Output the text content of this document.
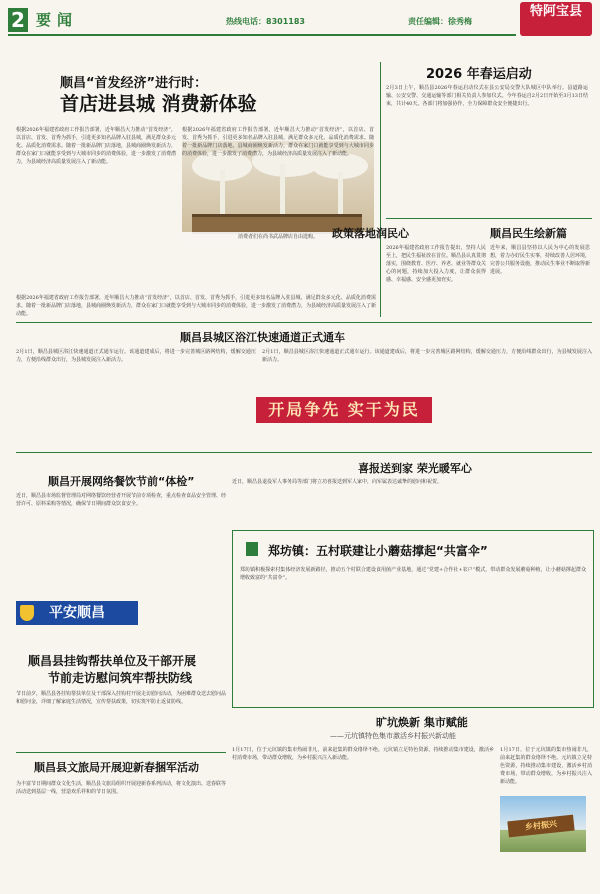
2 要闻	热线电话：8301183	责任编辑：徐秀梅
特阿宝县
顺昌“首发经济”进行时：
首店进县城 消费新体验
根据2026年福建省政府工作报告部署，近年顺昌大力推动“首发经济”，以首店、首发、首秀为抓手，引进更多知名品牌入驻县城，满足群众多元化、品质化消费需求。随着一批新品牌门店落地，县城商圈焕发新活力，群众在家门口就能享受到与大城市同步的消费体验，进一步激发了消费潜力，为县域经济高质量发展注入了新动能。
消费者们在尚书武品牌店自由选购。
根据2026年福建省政府工作报告部署，近年顺昌大力推动“首发经济”，以首店、首发、首秀为抓手，引进更多知名品牌入驻县城，满足群众多元化、品质化消费需求。随着一批新品牌门店落地，县城商圈焕发新活力，群众在家门口就能享受到与大城市同步的消费体验，进一步激发了消费潜力，为县域经济高质量发展注入了新动能。
根据2026年福建省政府工作报告部署，近年顺昌大力推动“首发经济”，以首店、首发、首秀为抓手，引进更多知名品牌入驻县城，满足群众多元化、品质化消费需求。随着一批新品牌门店落地，县城商圈焕发新活力，群众在家门口就能享受到与大城市同步的消费体验，进一步激发了消费潜力，为县域经济高质量发展注入了新动能。
2026 年春运启动
2月3日上午，顺昌县2026年春运启动仪式在县公安局交警大队城区中队举行。县道路运输、公安交警、交通运输等部门相关负责人参加仪式。今年春运自2月2日开始至3月13日结束，共计40天。各部门将加强协作，全力保障群众安全便捷出行。
政策落地润民心
2026年福建省政府工作报告提出，坚持人民至上，把民生福祉放在首位。顺昌县认真贯彻落实，围绕教育、医疗、养老、就业等群众关心的问题，持续加大投入力度，让群众获得感、幸福感、安全感更加充实。
顺昌民生绘新篇
近年来，顺昌县坚持以人民为中心的发展思想，着力办好民生实事，持续改善人居环境，完善公共服务设施，推动民生事业不断取得新进展。
顺昌县城区浴江快速通道正式通车
2月1日，顺昌县城区浴江快速通道正式通车运行。该通道建成后，将进一步完善城区路网结构，缓解交通压力，方便沿线群众出行，为县城发展注入新活力。
2月1日，顺昌县城区浴江快速通道正式通车运行。该通道建成后，将进一步完善城区路网结构，缓解交通压力，方便沿线群众出行，为县城发展注入新活力。
开局争先 实干为民
顺昌开展网络餐饮节前“体检”
近日，顺昌县市场监督管理局对网络餐饮经营者开展节前专项检查，重点检查食品安全管理、经营许可、原料采购等情况，确保节日期间群众饮食安全。
喜报送到家 荣光暖军心
近日，顺昌县退役军人事务局等部门将立功喜报送到军人家中，向军属表达诚挚的慰问和祝贺。
郑坊镇：五村联建让小蘑菇撑起“共富伞”
郑坊镇积极探索村集体经济发展新路径，推动五个村联合建设食用菌产业基地，通过“党建+合作社+农户”模式，带动群众发展蘑菇种植，让小蘑菇撑起群众增收致富的“共富伞”。
平安顺昌
顺昌县挂钩帮扶单位及干部开展
节前走访慰问筑牢帮扶防线
节日前夕，顺昌县各挂钩帮扶单位及干部深入挂钩村开展走访慰问活动，为困难群众送去慰问品和慰问金，详细了解家庭生活情况，宣传帮扶政策，切实筑牢防止返贫防线。
顺昌县文旅局开展迎新春捆军活动
为丰富节日期间群众文化生活，顺昌县文旅局组织开展迎新春系列活动，将文化演出、送春联等活动送到基层一线，营造欢乐祥和的节日氛围。
旷坑焕新 集市赋能
——元坑镇特色集市激活乡村振兴新动能
1月17日，位于元坑镇的集市热闹非凡，前来赶集的群众络绎不绝。元坑镇立足特色资源，持续推动集市建设，激活乡村消费市场，带动群众增收，为乡村振兴注入新动能。
1月17日，位于元坑镇的集市热闹非凡，前来赶集的群众络绎不绝。元坑镇立足特色资源，持续推动集市建设，激活乡村消费市场，带动群众增收，为乡村振兴注入新动能。
乡村振兴
